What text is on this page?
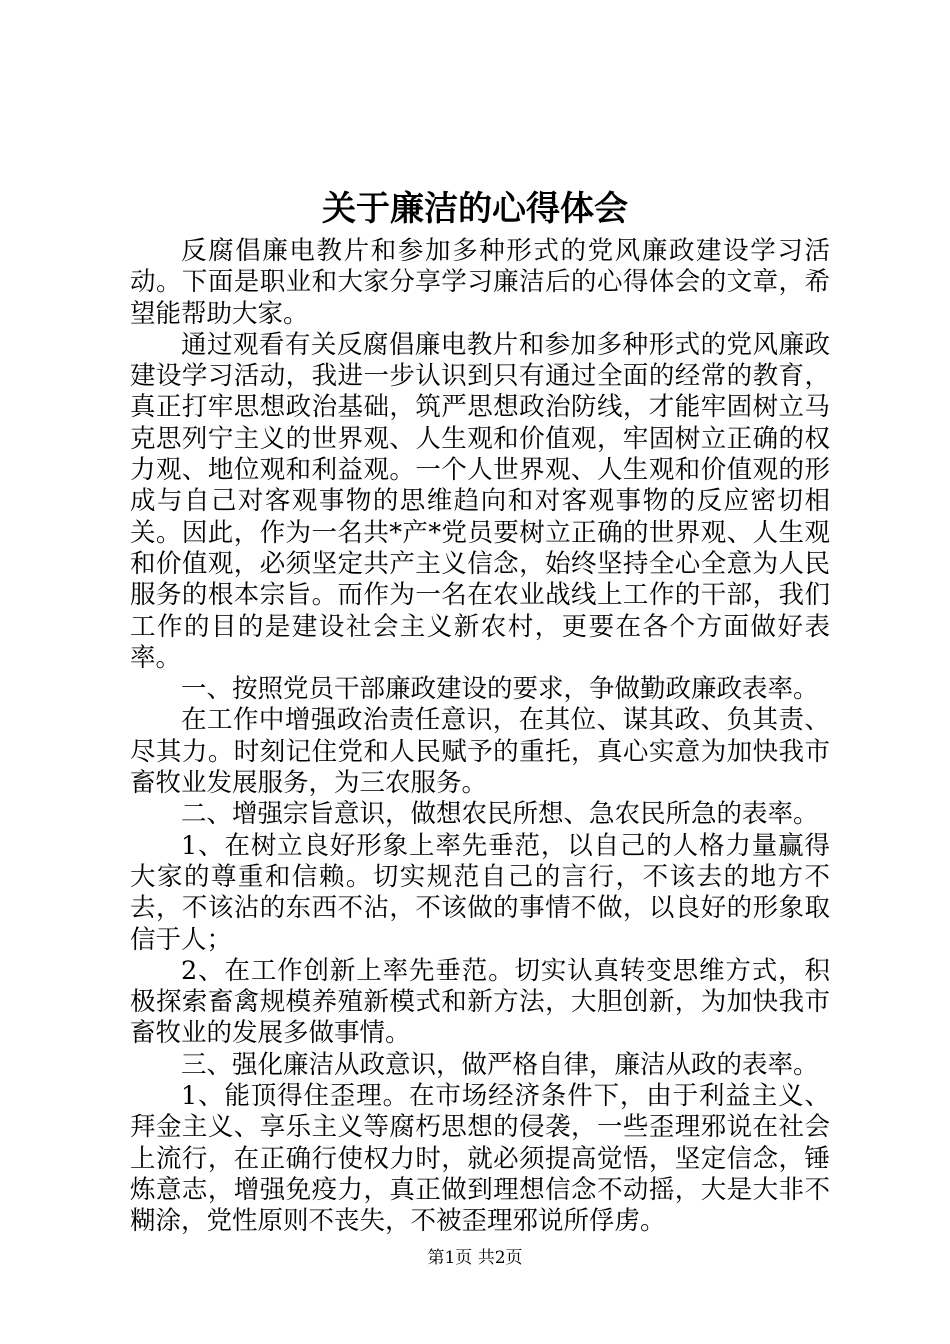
关于廉洁的心得体会

反腐倡廉电教片和参加多种形式的党风廉政建设学习活动。下面是职业和大家分享学习廉洁后的心得体会的文章，希望能帮助大家。

通过观看有关反腐倡廉电教片和参加多种形式的党风廉政建设学习活动，我进一步认识到只有通过全面的经常的教育，真正打牢思想政治基础，筑严思想政治防线，才能牢固树立马克思列宁主义的世界观、人生观和价值观，牢固树立正确的权力观、地位观和利益观。一个人世界观、人生观和价值观的形成与自己对客观事物的思维趋向和对客观事物的反应密切相关。因此，作为一名共*产*党员要树立正确的世界观、人生观和价值观，必须坚定共产主义信念，始终坚持全心全意为人民服务的根本宗旨。而作为一名在农业战线上工作的干部，我们工作的目的是建设社会主义新农村，更要在各个方面做好表率。

一、按照党员干部廉政建设的要求，争做勤政廉政表率。

在工作中增强政治责任意识，在其位、谋其政、负其责、尽其力。时刻记住党和人民赋予的重托，真心实意为加快我市畜牧业发展服务，为三农服务。

二、增强宗旨意识，做想农民所想、急农民所急的表率。

1、在树立良好形象上率先垂范，以自己的人格力量赢得大家的尊重和信赖。切实规范自己的言行，不该去的地方不去，不该沾的东西不沾，不该做的事情不做，以良好的形象取信于人；

2、在工作创新上率先垂范。切实认真转变思维方式，积极探索畜禽规模养殖新模式和新方法，大胆创新，为加快我市畜牧业的发展多做事情。

三、强化廉洁从政意识，做严格自律，廉洁从政的表率。

1、能顶得住歪理。在市场经济条件下，由于利益主义、拜金主义、享乐主义等腐朽思想的侵袭，一些歪理邪说在社会上流行，在正确行使权力时，就必须提高觉悟，坚定信念，锤炼意志，增强免疫力，真正做到理想信念不动摇，大是大非不糊涂，党性原则不丧失，不被歪理邪说所俘虏。

第1页 共2页
